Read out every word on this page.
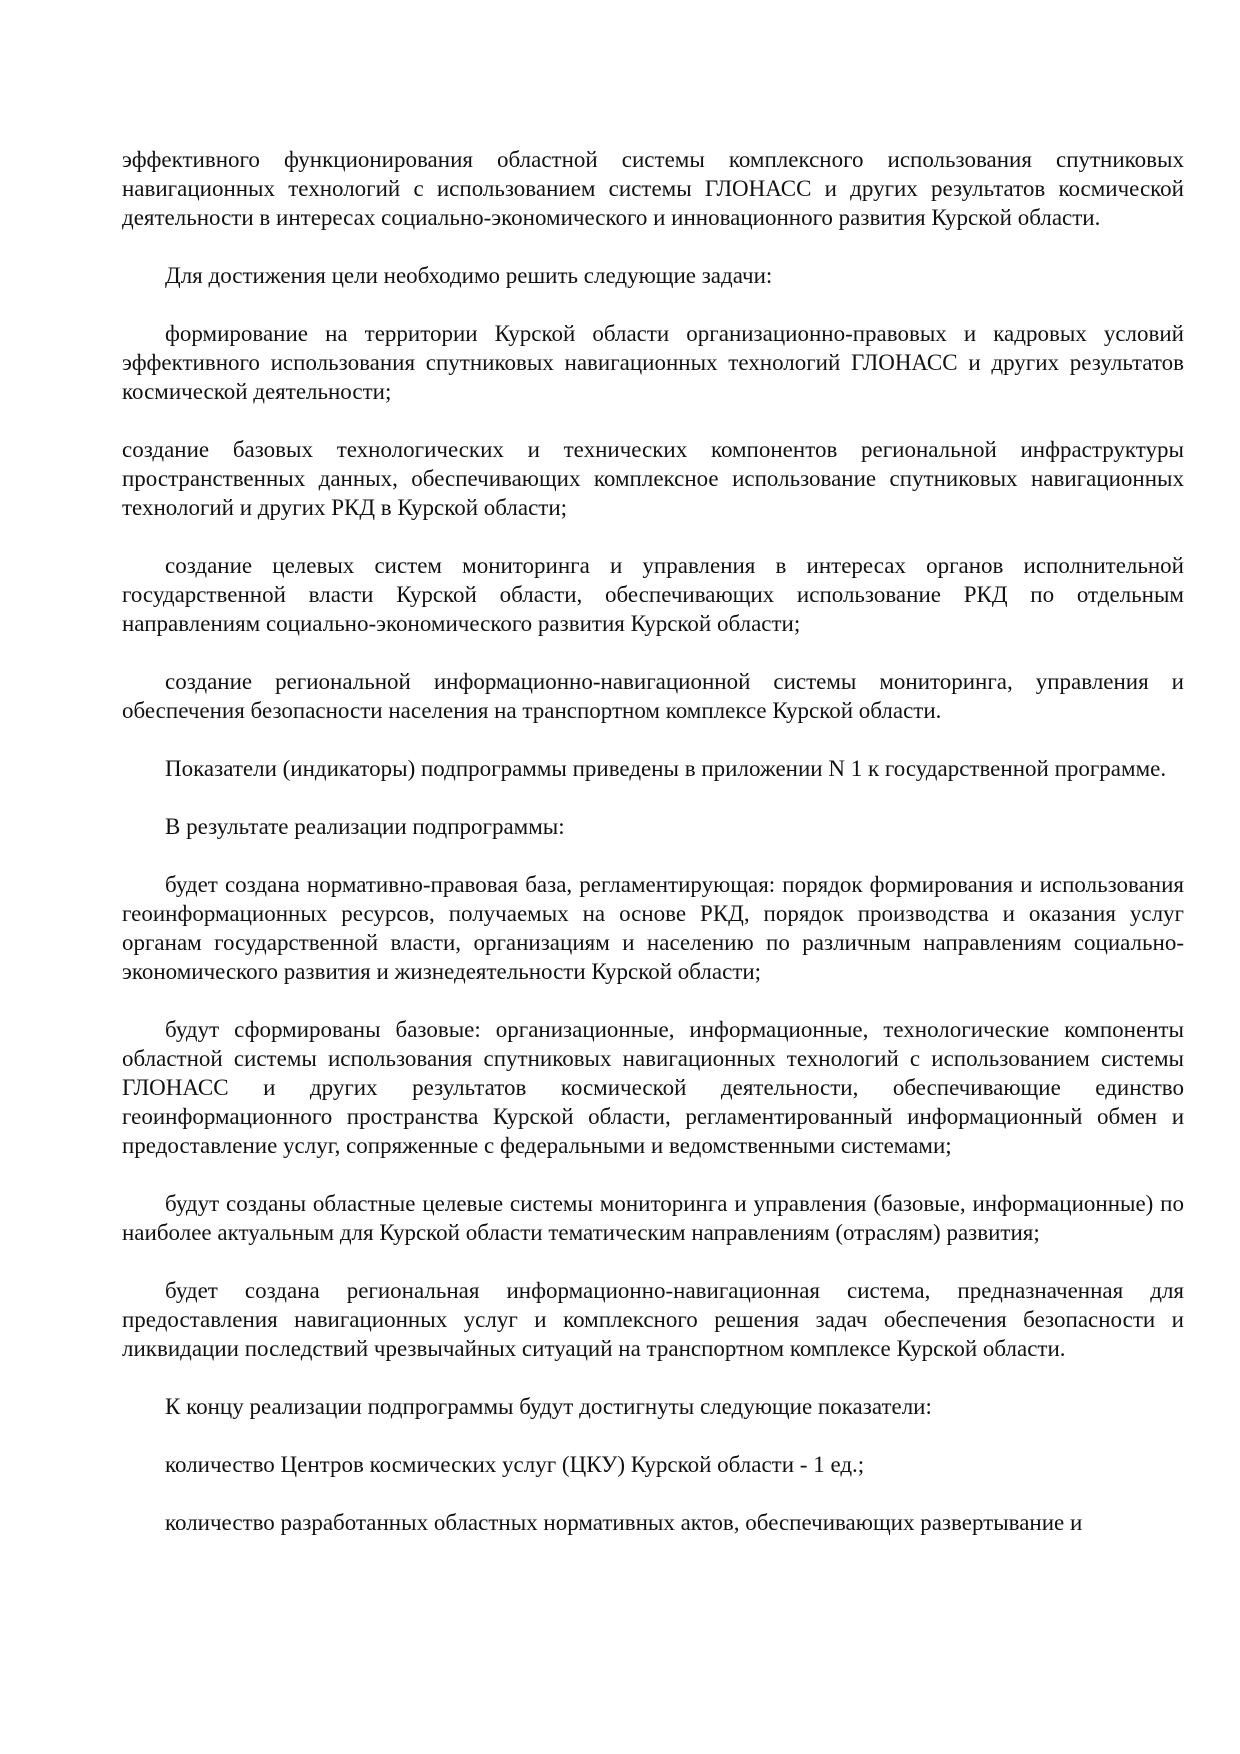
эффективного функционирования областной системы комплексного использования спутниковых навигационных технологий с использованием системы ГЛОНАСС и других результатов космической деятельности в интересах социально-экономического и инновационного развития Курской области.

Для достижения цели необходимо решить следующие задачи:

формирование на территории Курской области организационно-правовых и кадровых условий эффективного использования спутниковых навигационных технологий ГЛОНАСС и других результатов космической деятельности;

создание базовых технологических и технических компонентов региональной инфраструктуры пространственных данных, обеспечивающих комплексное использование спутниковых навигационных технологий и других РКД в Курской области;

создание целевых систем мониторинга и управления в интересах органов исполнительной государственной власти Курской области, обеспечивающих использование РКД по отдельным направлениям социально-экономического развития Курской области;

создание региональной информационно-навигационной системы мониторинга, управления и обеспечения безопасности населения на транспортном комплексе Курской области.

Показатели (индикаторы) подпрограммы приведены в приложении N 1 к государственной программе.

В результате реализации подпрограммы:

будет создана нормативно-правовая база, регламентирующая: порядок формирования и использования геоинформационных ресурсов, получаемых на основе РКД, порядок производства и оказания услуг органам государственной власти, организациям и населению по различным направлениям социально-экономического развития и жизнедеятельности Курской области;

будут сформированы базовые: организационные, информационные, технологические компоненты областной системы использования спутниковых навигационных технологий с использованием системы ГЛОНАСС и других результатов космической деятельности, обеспечивающие единство геоинформационного пространства Курской области, регламентированный информационный обмен и предоставление услуг, сопряженные с федеральными и ведомственными системами;

будут созданы областные целевые системы мониторинга и управления (базовые, информационные) по наиболее актуальным для Курской области тематическим направлениям (отраслям) развития;

будет создана региональная информационно-навигационная система, предназначенная для предоставления навигационных услуг и комплексного решения задач обеспечения безопасности и ликвидации последствий чрезвычайных ситуаций на транспортном комплексе Курской области.

К концу реализации подпрограммы будут достигнуты следующие показатели:

количество Центров космических услуг (ЦКУ) Курской области - 1 ед.;

количество разработанных областных нормативных актов, обеспечивающих развертывание и
